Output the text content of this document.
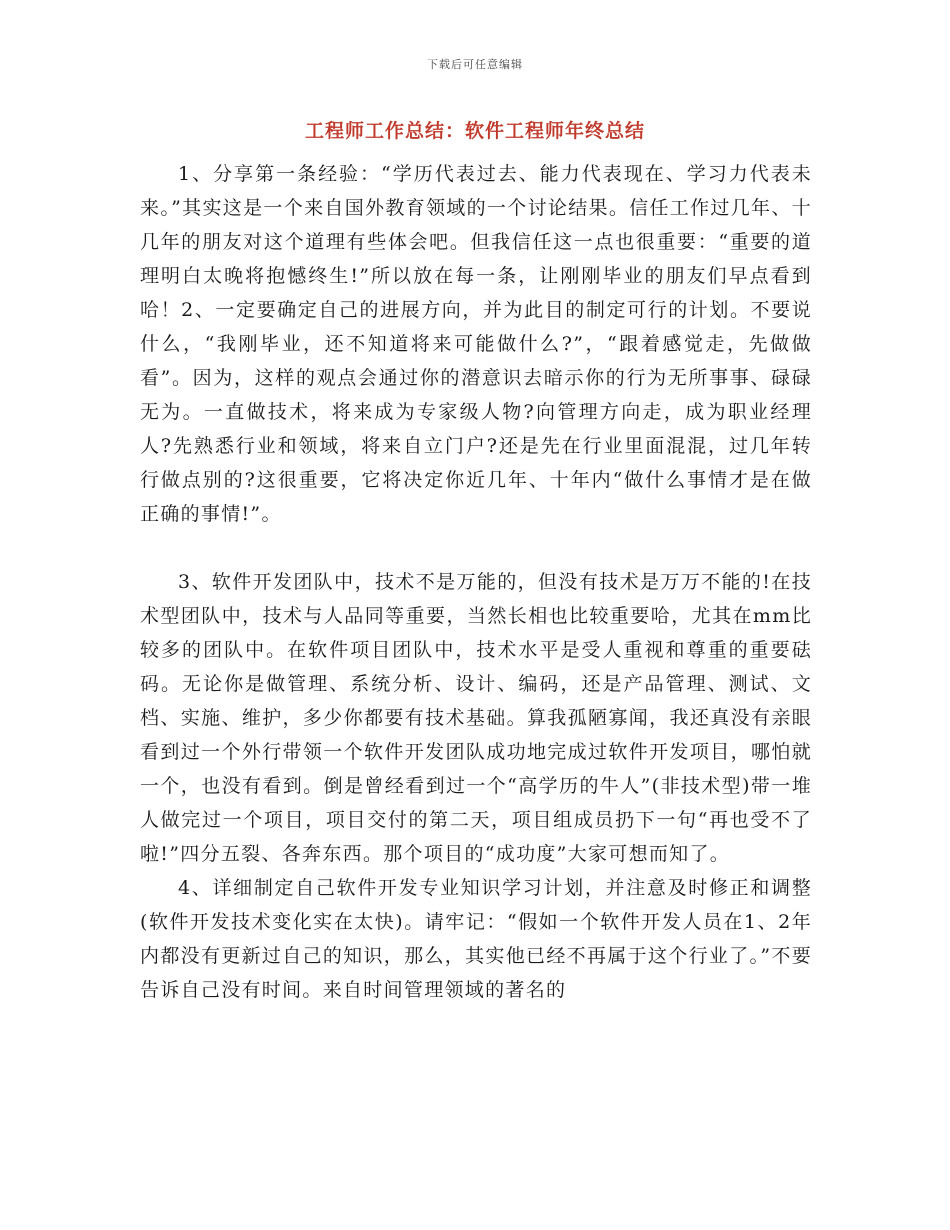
下载后可任意编辑
工程师工作总结：软件工程师年终总结

1、分享第一条经验：“学历代表过去、能力代表现在、学习力代表未来。”其实这是一个来自国外教育领域的一个讨论结果。信任工作过几年、十几年的朋友对这个道理有些体会吧。但我信任这一点也很重要：“重要的道理明白太晚将抱憾终生!”所以放在每一条，让刚刚毕业的朋友们早点看到哈！2、一定要确定自己的进展方向，并为此目的制定可行的计划。不要说什么，“我刚毕业，还不知道将来可能做什么?”，“跟着感觉走，先做做看”。因为，这样的观点会通过你的潜意识去暗示你的行为无所事事、碌碌无为。一直做技术，将来成为专家级人物?向管理方向走，成为职业经理人?先熟悉行业和领域，将来自立门户?还是先在行业里面混混，过几年转行做点别的?这很重要，它将决定你近几年、十年内“做什么事情才是在做正确的事情!”。

3、软件开发团队中，技术不是万能的，但没有技术是万万不能的!在技术型团队中，技术与人品同等重要，当然长相也比较重要哈，尤其在mm比较多的团队中。在软件项目团队中，技术水平是受人重视和尊重的重要砝码。无论你是做管理、系统分析、设计、编码，还是产品管理、测试、文档、实施、维护，多少你都要有技术基础。算我孤陋寡闻，我还真没有亲眼看到过一个外行带领一个软件开发团队成功地完成过软件开发项目，哪怕就一个，也没有看到。倒是曾经看到过一个“高学历的牛人”(非技术型)带一堆人做完过一个项目，项目交付的第二天，项目组成员扔下一句“再也受不了啦!”四分五裂、各奔东西。那个项目的“成功度”大家可想而知了。

4、详细制定自己软件开发专业知识学习计划，并注意及时修正和调整(软件开发技术变化实在太快)。请牢记：“假如一个软件开发人员在1、2年内都没有更新过自己的知识，那么，其实他已经不再属于这个行业了。”不要告诉自己没有时间。来自时间管理领域的著名的
